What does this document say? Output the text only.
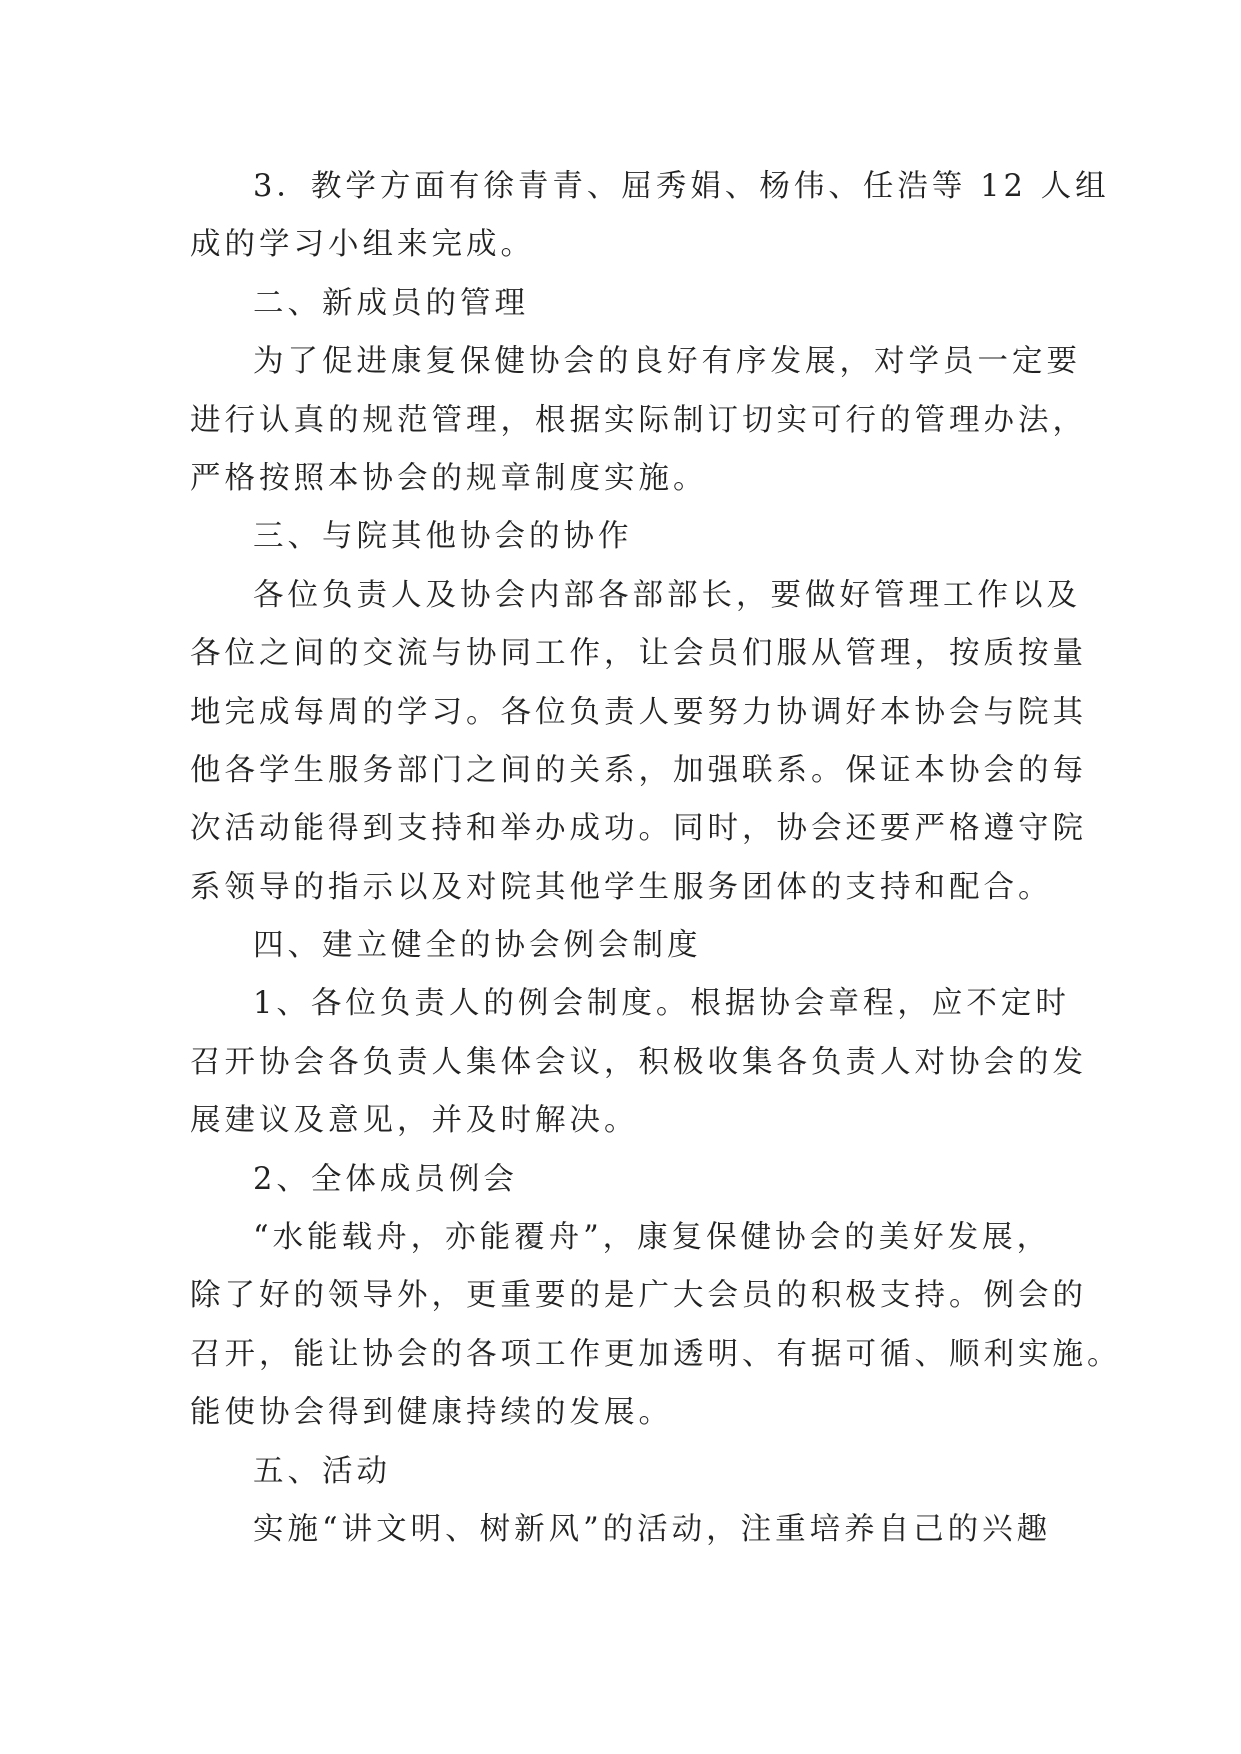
3．教学方面有徐青青、屈秀娟、杨伟、任浩等 12 人组
成的学习小组来完成。
二、新成员的管理
为了促进康复保健协会的良好有序发展，对学员一定要
进行认真的规范管理，根据实际制订切实可行的管理办法，
严格按照本协会的规章制度实施。
三、与院其他协会的协作
各位负责人及协会内部各部部长，要做好管理工作以及
各位之间的交流与协同工作，让会员们服从管理，按质按量
地完成每周的学习。各位负责人要努力协调好本协会与院其
他各学生服务部门之间的关系，加强联系。保证本协会的每
次活动能得到支持和举办成功。同时，协会还要严格遵守院
系领导的指示以及对院其他学生服务团体的支持和配合。
四、建立健全的协会例会制度
1、各位负责人的例会制度。根据协会章程，应不定时
召开协会各负责人集体会议，积极收集各负责人对协会的发
展建议及意见，并及时解决。
2、全体成员例会
“水能载舟，亦能覆舟”，康复保健协会的美好发展，
除了好的领导外，更重要的是广大会员的积极支持。例会的
召开，能让协会的各项工作更加透明、有据可循、顺利实施。
能使协会得到健康持续的发展。
五、活动
实施“讲文明、树新风”的活动，注重培养自己的兴趣
